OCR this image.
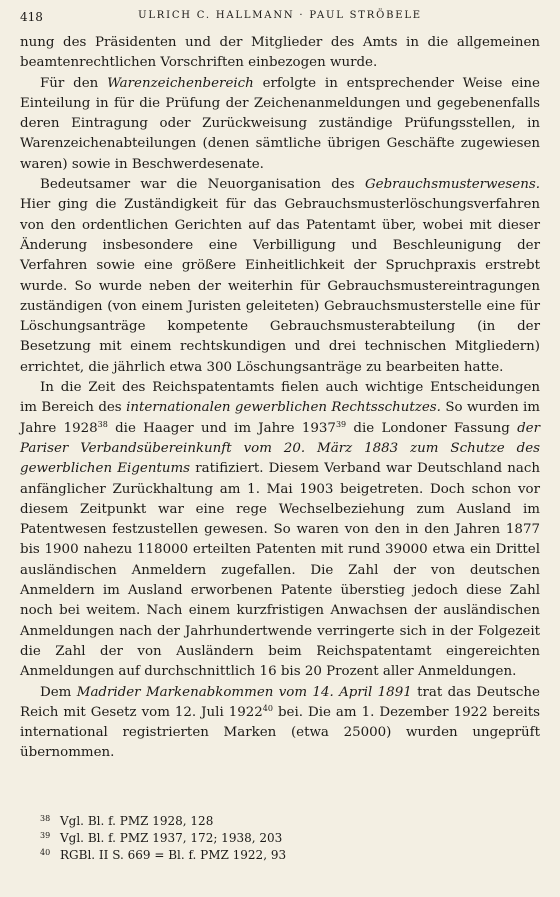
418	ULRICH C. HALLMANN · PAUL STRÖBELE

nung des Präsidenten und der Mitglieder des Amts in die allgemeinen beamtenrechtlichen Vorschriften einbezogen wurde.

Für den Warenzeichenbereich erfolgte in entsprechender Weise eine Einteilung in für die Prüfung der Zeichenanmeldungen und gegebenenfalls deren Eintragung oder Zurückweisung zuständige Prüfungsstellen, in Warenzeichenabteilungen (denen sämtliche übrigen Geschäfte zugewiesen waren) sowie in Beschwerdesenate.

Bedeutsamer war die Neuorganisation des Gebrauchsmusterwesens. Hier ging die Zuständigkeit für das Gebrauchsmusterlöschungsverfahren von den ordentlichen Gerichten auf das Patentamt über, wobei mit dieser Änderung insbesondere eine Verbilligung und Beschleunigung der Verfahren sowie eine größere Einheitlichkeit der Spruchpraxis erstrebt wurde. So wurde neben der weiterhin für Gebrauchsmustereintragungen zuständigen (von einem Juristen geleiteten) Gebrauchsmusterstelle eine für Löschungsanträge kompetente Gebrauchsmusterabteilung (in der Besetzung mit einem rechtskundigen und drei technischen Mitgliedern) errichtet, die jährlich etwa 300 Löschungsanträge zu bearbeiten hatte.

In die Zeit des Reichspatentamts fielen auch wichtige Entscheidungen im Bereich des internationalen gewerblichen Rechtsschutzes. So wurden im Jahre 1928$^{38}$ die Haager und im Jahre 1937$^{39}$ die Londoner Fassung der Pariser Verbandsübereinkunft vom 20. März 1883 zum Schutze des gewerblichen Eigentums ratifiziert. Diesem Verband war Deutschland nach anfänglicher Zurückhaltung am 1. Mai 1903 beigetreten. Doch schon vor diesem Zeitpunkt war eine rege Wechselbeziehung zum Ausland im Patentwesen festzustellen gewesen. So waren von den in den Jahren 1877 bis 1900 nahezu 118000 erteilten Patenten mit rund 39000 etwa ein Drittel ausländischen Anmeldern zugefallen. Die Zahl der von deutschen Anmeldern im Ausland erworbenen Patente überstieg jedoch diese Zahl noch bei weitem. Nach einem kurzfristigen Anwachsen der ausländischen Anmeldungen nach der Jahrhundertwende verringerte sich in der Folgezeit die Zahl der von Ausländern beim Reichspatentamt eingereichten Anmeldungen auf durchschnittlich 16 bis 20 Prozent aller Anmeldungen.

Dem Madrider Markenabkommen vom 14. April 1891 trat das Deutsche Reich mit Gesetz vom 12. Juli 1922$^{40}$ bei. Die am 1. Dezember 1922 bereits international registrierten Marken (etwa 25000) wurden ungeprüft übernommen.

38 Vgl. Bl. f. PMZ 1928, 128
39 Vgl. Bl. f. PMZ 1937, 172; 1938, 203
40 RGBl. II S. 669 = Bl. f. PMZ 1922, 93
